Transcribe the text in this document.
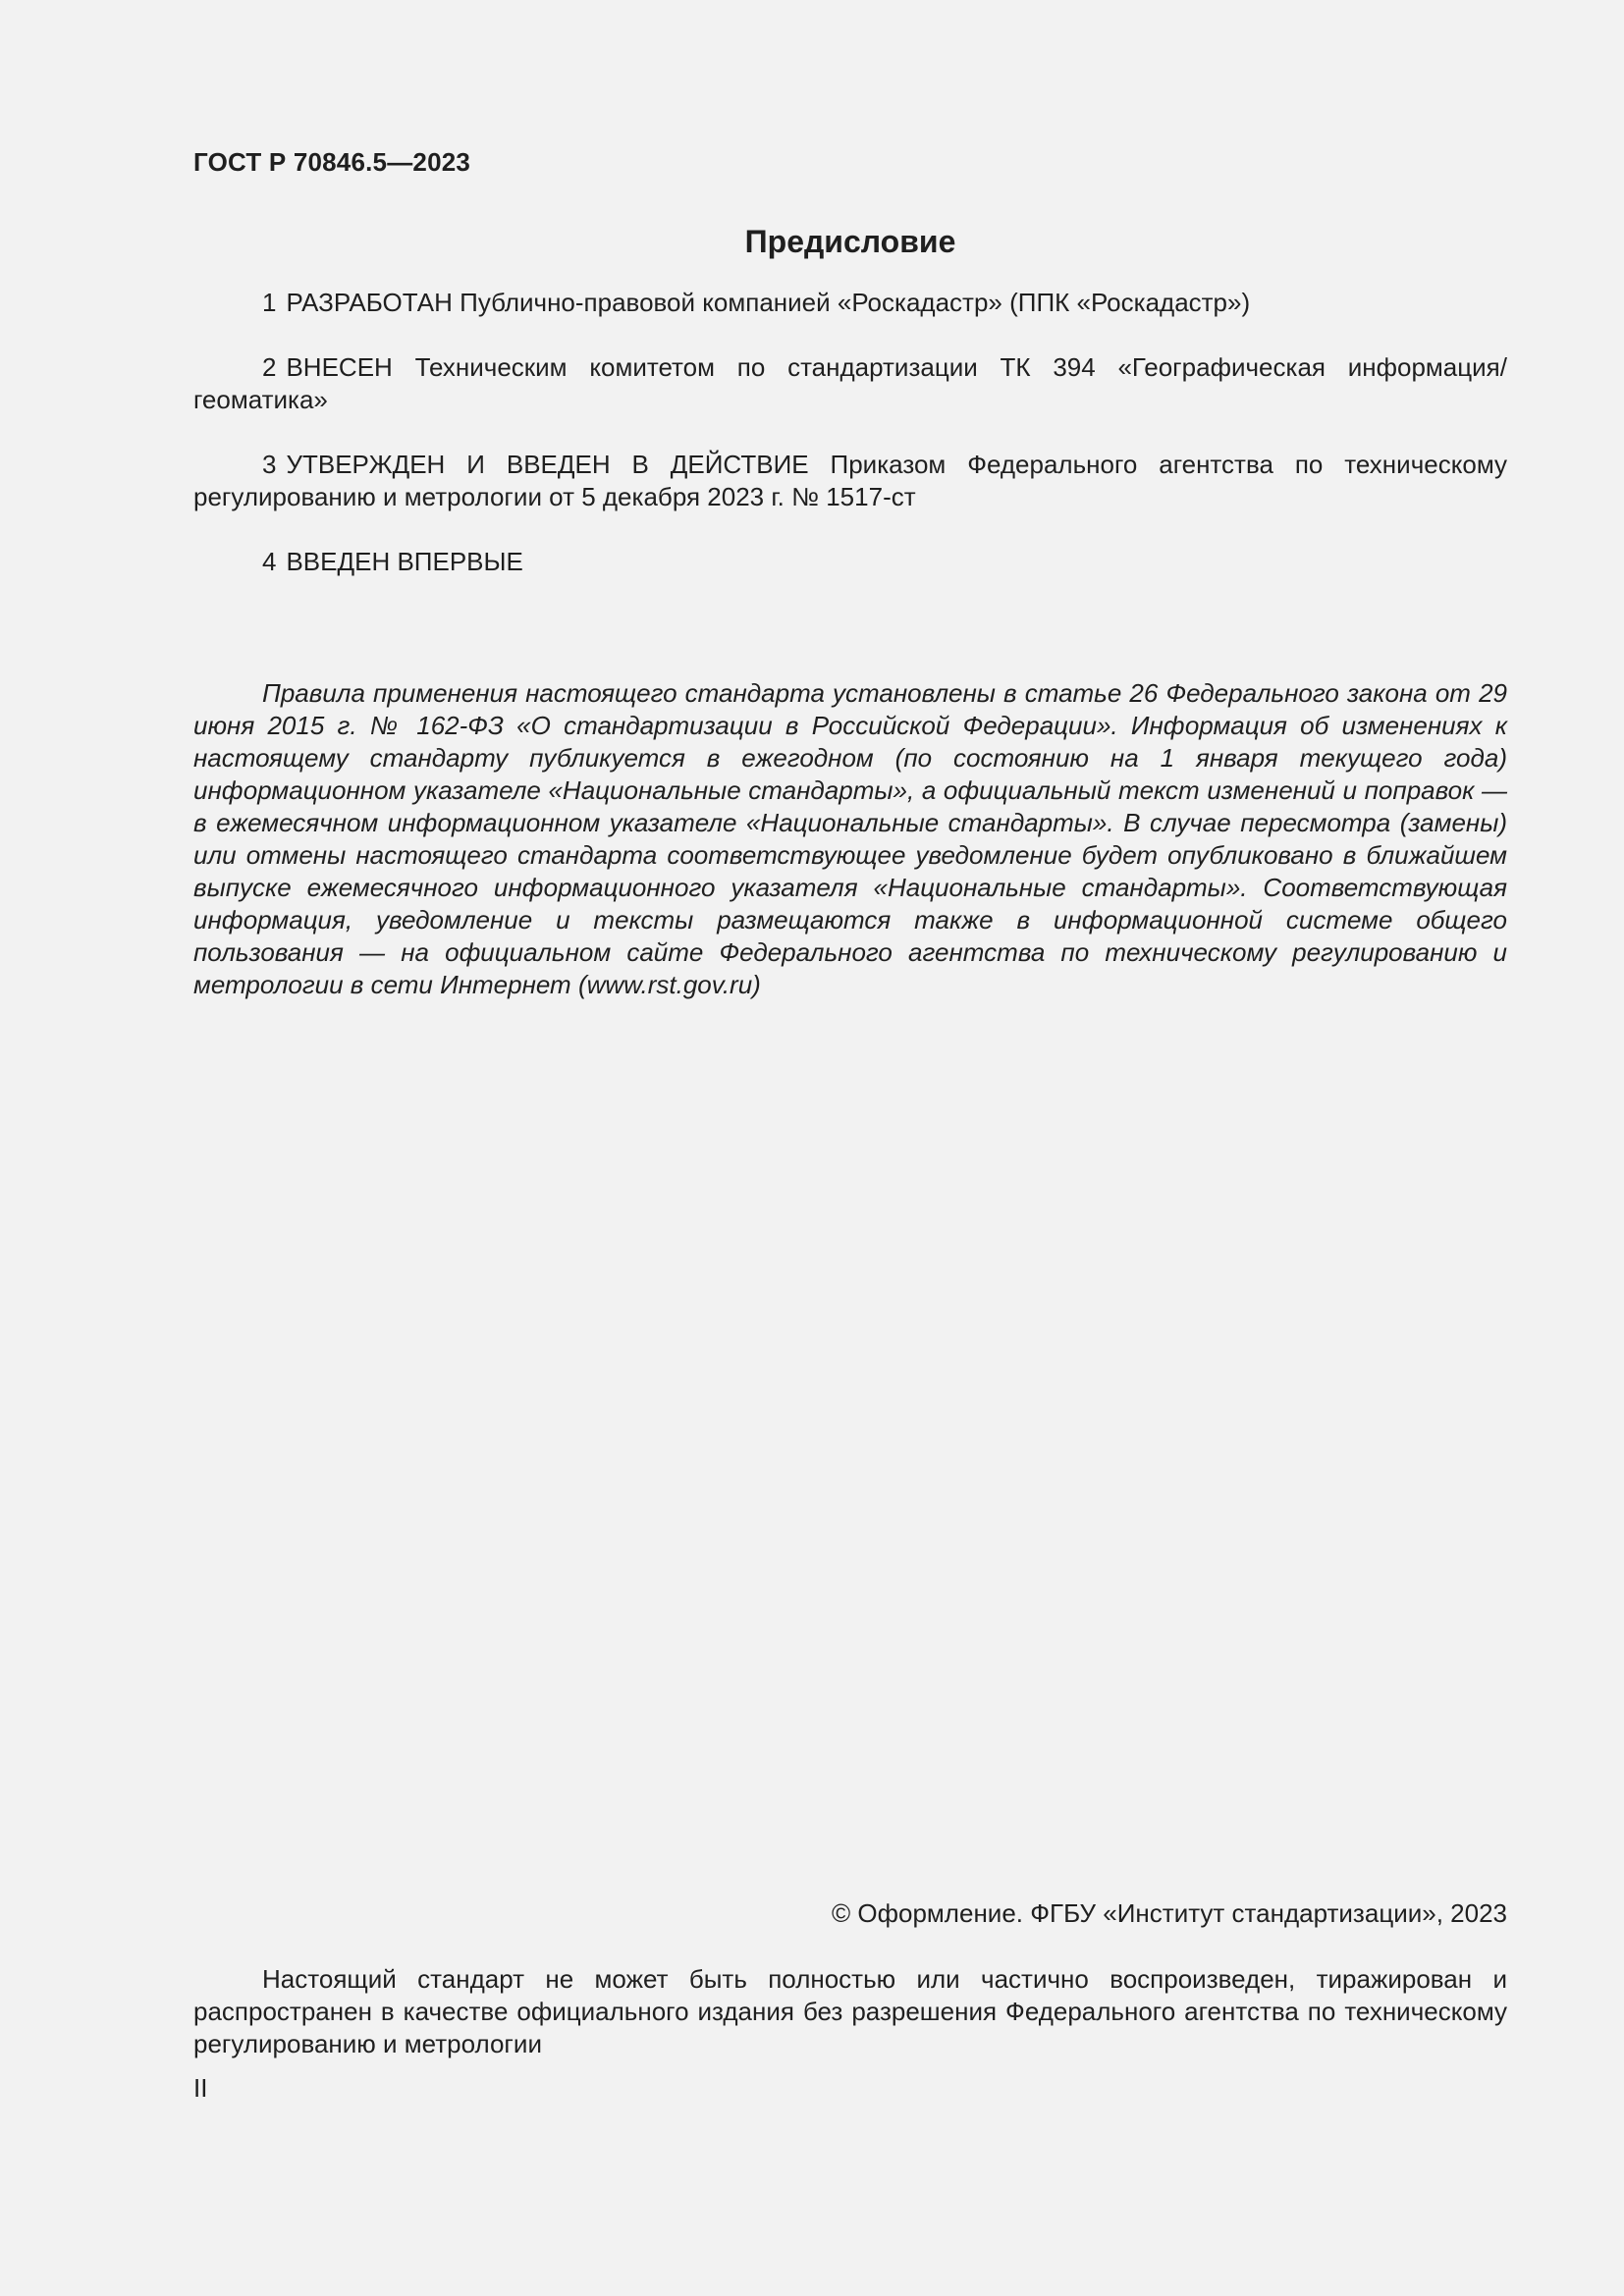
ГОСТ Р 70846.5—2023
Предисловие
1 РАЗРАБОТАН Публично-правовой компанией «Роскадастр» (ППК «Роскадастр»)
2 ВНЕСЕН Техническим комитетом по стандартизации ТК 394 «Географическая информация/геоматика»
3 УТВЕРЖДЕН И ВВЕДЕН В ДЕЙСТВИЕ Приказом Федерального агентства по техническому регулированию и метрологии от 5 декабря 2023 г. № 1517-ст
4 ВВЕДЕН ВПЕРВЫЕ
Правила применения настоящего стандарта установлены в статье 26 Федерального закона от 29 июня 2015 г. № 162-ФЗ «О стандартизации в Российской Федерации». Информация об изменениях к настоящему стандарту публикуется в ежегодном (по состоянию на 1 января текущего года) информационном указателе «Национальные стандарты», а официальный текст изменений и поправок — в ежемесячном информационном указателе «Национальные стандарты». В случае пересмотра (замены) или отмены настоящего стандарта соответствующее уведомление будет опубликовано в ближайшем выпуске ежемесячного информационного указателя «Национальные стандарты». Соответствующая информация, уведомление и тексты размещаются также в информационной системе общего пользования — на официальном сайте Федерального агентства по техническому регулированию и метрологии в сети Интернет (www.rst.gov.ru)
© Оформление. ФГБУ «Институт стандартизации», 2023
Настоящий стандарт не может быть полностью или частично воспроизведен, тиражирован и распространен в качестве официального издания без разрешения Федерального агентства по техническому регулированию и метрологии
II
